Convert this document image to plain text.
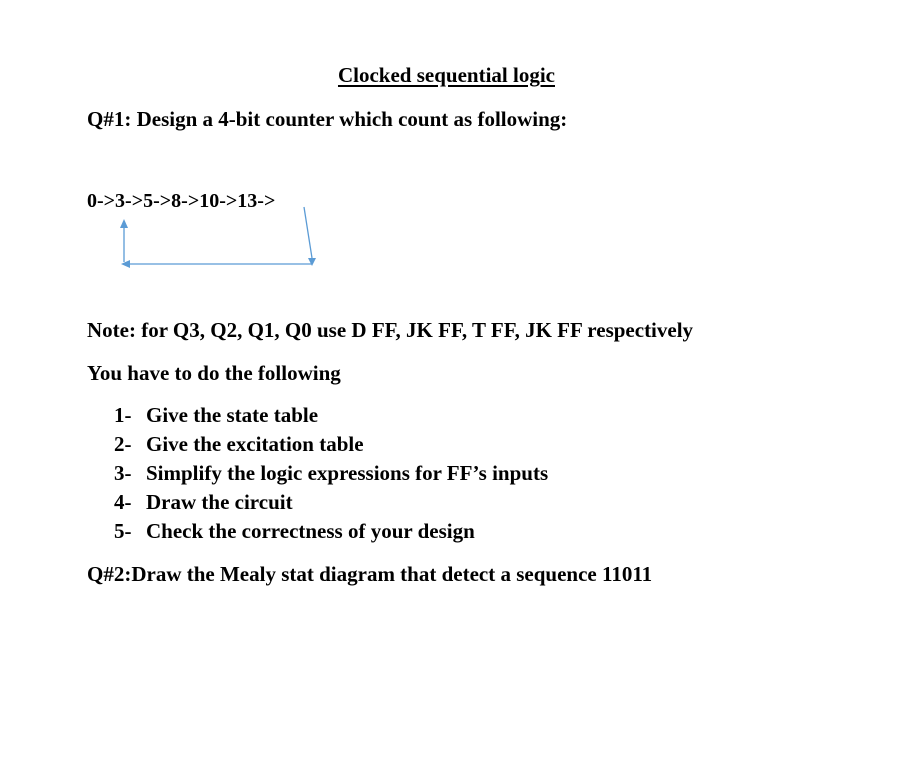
Clocked sequential logic
Q#1: Design a 4-bit counter which count as following:
0->3->5->8->10->13->
Note: for Q3, Q2, Q1, Q0 use D FF, JK FF, T FF, JK FF respectively
You have to do the following
1- Give the state table
2- Give the excitation table
3- Simplify the logic expressions for FF’s inputs
4- Draw the circuit
5- Check the correctness of your design
Q#2:Draw the Mealy stat diagram that detect a sequence 11011
